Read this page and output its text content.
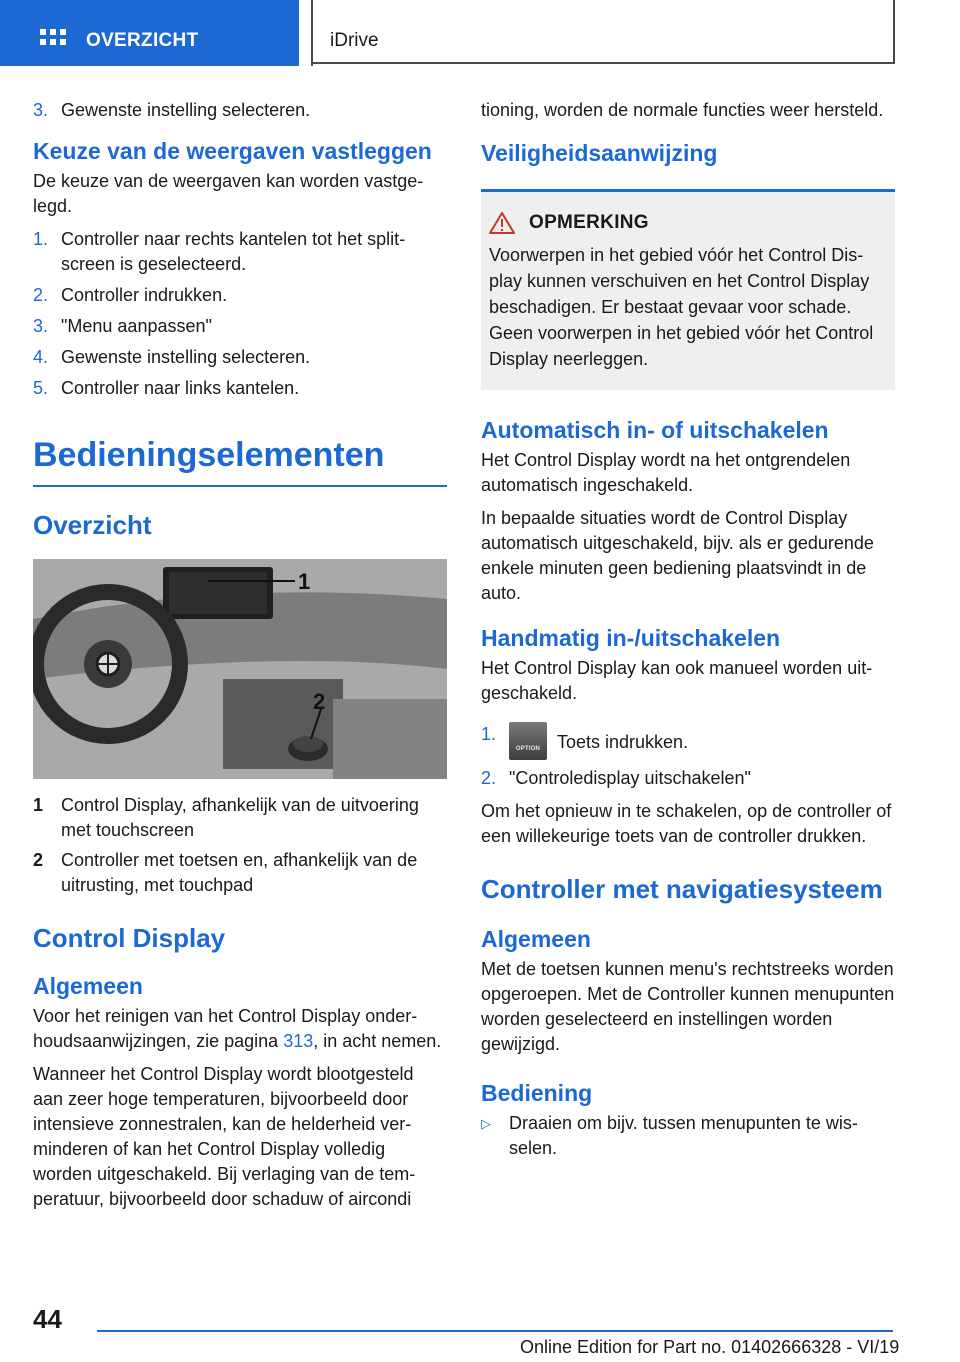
OVERZICHT	iDrive
3. Gewenste instelling selecteren.
Keuze van de weergaven vastleggen

De keuze van de weergaven kan worden vastgelegd.

1. Controller naar rechts kantelen tot het splitscreen is geselecteerd.
2. Controller indrukken.
3. "Menu aanpassen"
4. Gewenste instelling selecteren.
5. Controller naar links kantelen.
Bedieningselementen
Overzicht
1
2
1 Control Display, afhankelijk van de uitvoering met touchscreen
2 Controller met toetsen en, afhankelijk van de uitrusting, met touchpad
Control Display
Algemeen

Voor het reinigen van het Control Display onderhoudsaanwijzingen, zie pagina 313, in acht nemen.

Wanneer het Control Display wordt blootgesteld aan zeer hoge temperaturen, bijvoorbeeld door intensieve zonnestralen, kan de helderheid verminderen of kan het Control Display volledig worden uitgeschakeld. Bij verlaging van de temperatuur, bijvoorbeeld door schaduw of aircondi

tioning, worden de normale functies weer hersteld.

Veiligheidsaanwijzing
OPMERKING

Voorwerpen in het gebied vóór het Control Display kunnen verschuiven en het Control Display beschadigen. Er bestaat gevaar voor schade. Geen voorwerpen in het gebied vóór het Control Display neerleggen.

Automatisch in- of uitschakelen

Het Control Display wordt na het ontgrendelen automatisch ingeschakeld.

In bepaalde situaties wordt de Control Display automatisch uitgeschakeld, bijv. als er gedurende enkele minuten geen bediening plaatsvindt in de auto.

Handmatig in-/uitschakelen

Het Control Display kan ook manueel worden uitgeschakeld.

1.
OPTION Toets indrukken.
2. "Controledisplay uitschakelen"

Om het opnieuw in te schakelen, op de controller of een willekeurige toets van de controller drukken.

Controller met navigatiesysteem
Algemeen

Met de toetsen kunnen menu's rechtstreeks worden opgeroepen. Met de Controller kunnen menupunten worden geselecteerd en instellingen worden gewijzigd.

Bediening
▷	Draaien om bijv. tussen menupunten te wisselen.
44
Online Edition for Part no. 01402666328 - VI/19
